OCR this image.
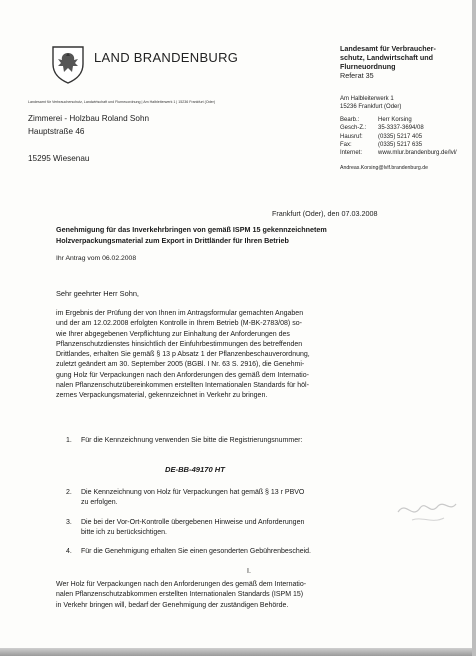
LAND BRANDENBURG
Landesamt für Verbraucher-
schutz, Landwirtschaft und
Flurneuordnung
Referat 35
Landesamt für Verbraucherschutz, Landwirtschaft und Flurneuordnung | Am Halbleiterwerk 1 | 15236 Frankfurt (Oder)
Zimmerei - Holzbau Roland Sohn
Hauptstraße 46
15295 Wiesenau
Am Halbleiterwerk 1
15236 Frankfurt (Oder)
Bearb.:	Herr Korsing
Gesch-Z.:	35-3337-3694/08
Hausruf:	(0335) 5217 405
Fax:	(0335) 5217 635
Internet:	www.mlur.brandenburg.de/lvl/
Andreas.Korsing@lvlf.brandenburg.de
Frankfurt (Oder), den 07.03.2008
Genehmigung für das Inverkehrbringen von gemäß ISPM 15 gekennzeichnetem
Holzverpackungsmaterial zum Export in Drittländer für Ihren Betrieb
Ihr Antrag vom 06.02.2008
Sehr geehrter Herr Sohn,
im Ergebnis der Prüfung der von Ihnen im Antragsformular gemachten Angaben
und der am 12.02.2008 erfolgten Kontrolle in Ihrem Betrieb (M-BK-2783/08) so-
wie Ihrer abgegebenen Verpflichtung zur Einhaltung der Anforderungen des
Pflanzenschutzdienstes hinsichtlich der Einfuhrbestimmungen des betreffenden
Drittlandes, erhalten Sie gemäß § 13 p Absatz 1 der Pflanzenbeschauverordnung,
zuletzt geändert am 30. September 2005 (BGBl. I Nr. 63 S. 2916), die Genehmi-
gung Holz für Verpackungen nach den Anforderungen des gemäß dem Internatio-
nalen Pflanzenschutzübereinkommen erstellten Internationalen Standards für höl-
zernes Verpackungsmaterial, gekennzeichnet in Verkehr zu bringen.
1.	Für die Kennzeichnung verwenden Sie bitte die Registrierungsnummer:
DE-BB-49170 HT
2.	Die Kennzeichnung von Holz für Verpackungen hat gemäß § 13 r PBVO
zu erfolgen.
3.	Die bei der Vor-Ort-Kontrolle übergebenen Hinweise und Anforderungen
bitte ich zu berücksichtigen.
4.	Für die Genehmigung erhalten Sie einen gesonderten Gebührenbescheid.
I.
Wer Holz für Verpackungen nach den Anforderungen des gemäß dem Internatio-
nalen Pflanzenschutzabkommen erstellten Internationalen Standards (ISPM 15)
in Verkehr bringen will, bedarf der Genehmigung der zuständigen Behörde.
